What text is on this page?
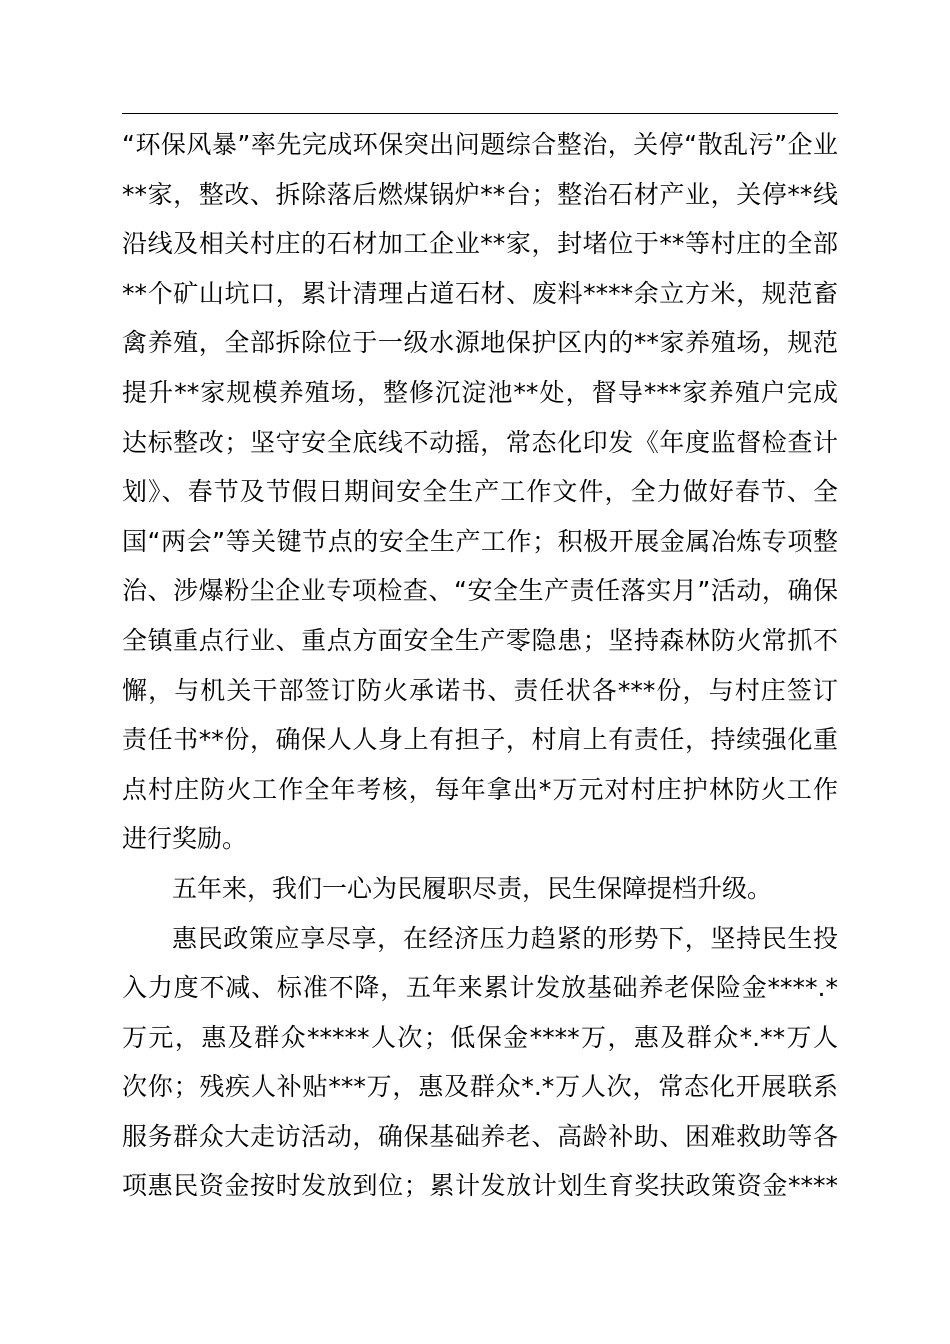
“环保风暴”率先完成环保突出问题综合整治，关停“散乱污”企业
**家，整改、拆除落后燃煤锅炉**台；整治石材产业，关停**线
沿线及相关村庄的石材加工企业**家，封堵位于**等村庄的全部
**个矿山坑口，累计清理占道石材、废料****余立方米，规范畜
禽养殖，全部拆除位于一级水源地保护区内的**家养殖场，规范
提升**家规模养殖场，整修沉淀池**处，督导***家养殖户完成
达标整改；坚守安全底线不动摇，常态化印发《年度监督检查计
划》、春节及节假日期间安全生产工作文件，全力做好春节、全
国“两会”等关键节点的安全生产工作；积极开展金属冶炼专项整
治、涉爆粉尘企业专项检查、“安全生产责任落实月”活动，确保
全镇重点行业、重点方面安全生产零隐患；坚持森林防火常抓不
懈，与机关干部签订防火承诺书、责任状各***份，与村庄签订
责任书**份，确保人人身上有担子，村肩上有责任，持续强化重
点村庄防火工作全年考核，每年拿出*万元对村庄护林防火工作
进行奖励。

五年来，我们一心为民履职尽责，民生保障提档升级。

惠民政策应享尽享，在经济压力趋紧的形势下，坚持民生投
入力度不减、标准不降，五年来累计发放基础养老保险金****.*
万元，惠及群众*****人次；低保金****万，惠及群众*.**万人
次你；残疾人补贴***万，惠及群众*.*万人次，常态化开展联系
服务群众大走访活动，确保基础养老、高龄补助、困难救助等各
项惠民资金按时发放到位；累计发放计划生育奖扶政策资金****
